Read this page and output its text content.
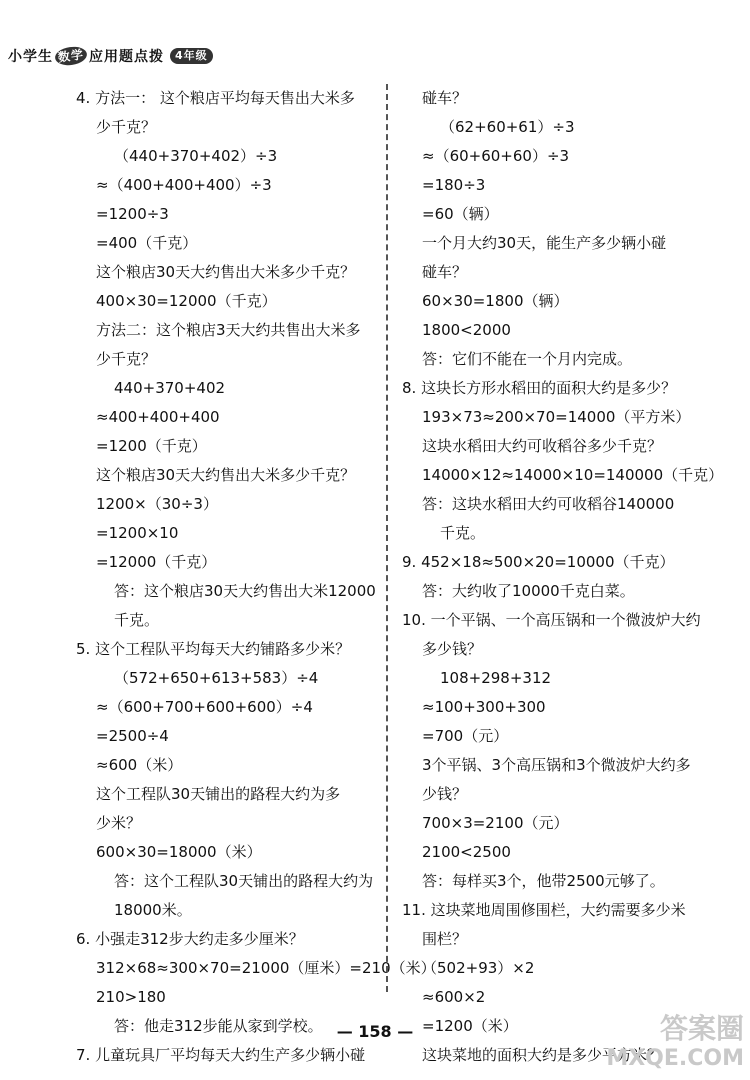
小学生 数学 应用题点拨	4年级
4. 方法一： 这个粮店平均每天售出大米多
少千克？
（440+370+402）÷3
≈（400+400+400）÷3
=1200÷3
=400（千克）
这个粮店30天大约售出大米多少千克？
400×30=12000（千克）
方法二：这个粮店3天大约共售出大米多
少千克？
440+370+402
≈400+400+400
=1200（千克）
这个粮店30天大约售出大米多少千克？
1200×（30÷3）
=1200×10
=12000（千克）
答：这个粮店30天大约售出大米12000
千克。
5. 这个工程队平均每天大约铺路多少米？
（572+650+613+583）÷4
≈（600+700+600+600）÷4
=2500÷4
≈600（米）
这个工程队30天铺出的路程大约为多
少米？
600×30=18000（米）
答：这个工程队30天铺出的路程大约为
18000米。
6. 小强走312步大约走多少厘米？
312×68≈300×70=21000（厘米）=210（米）
210>180
答：他走312步能从家到学校。
7. 儿童玩具厂平均每天大约生产多少辆小碰
碰车？
（62+60+61）÷3
≈（60+60+60）÷3
=180÷3
=60（辆）
一个月大约30天，能生产多少辆小碰
碰车？
60×30=1800（辆）
1800<2000
答：它们不能在一个月内完成。
8. 这块长方形水稻田的面积大约是多少？
193×73≈200×70=14000（平方米）
这块水稻田大约可收稻谷多少千克？
14000×12≈14000×10=140000（千克）
答：这块水稻田大约可收稻谷140000
千克。
9. 452×18≈500×20=10000（千克）
答：大约收了10000千克白菜。
10. 一个平锅、一个高压锅和一个微波炉大约
多少钱？
108+298+312
≈100+300+300
=700（元）
3个平锅、3个高压锅和3个微波炉大约多
少钱？
700×3=2100（元）
2100<2500
答：每样买3个，他带2500元够了。
11. 这块菜地周围修围栏，大约需要多少米
围栏？
（502+93）×2
≈600×2
=1200（米）
这块菜地的面积大约是多少平方米？
— 158 —	答案圈
MXQE.COM
